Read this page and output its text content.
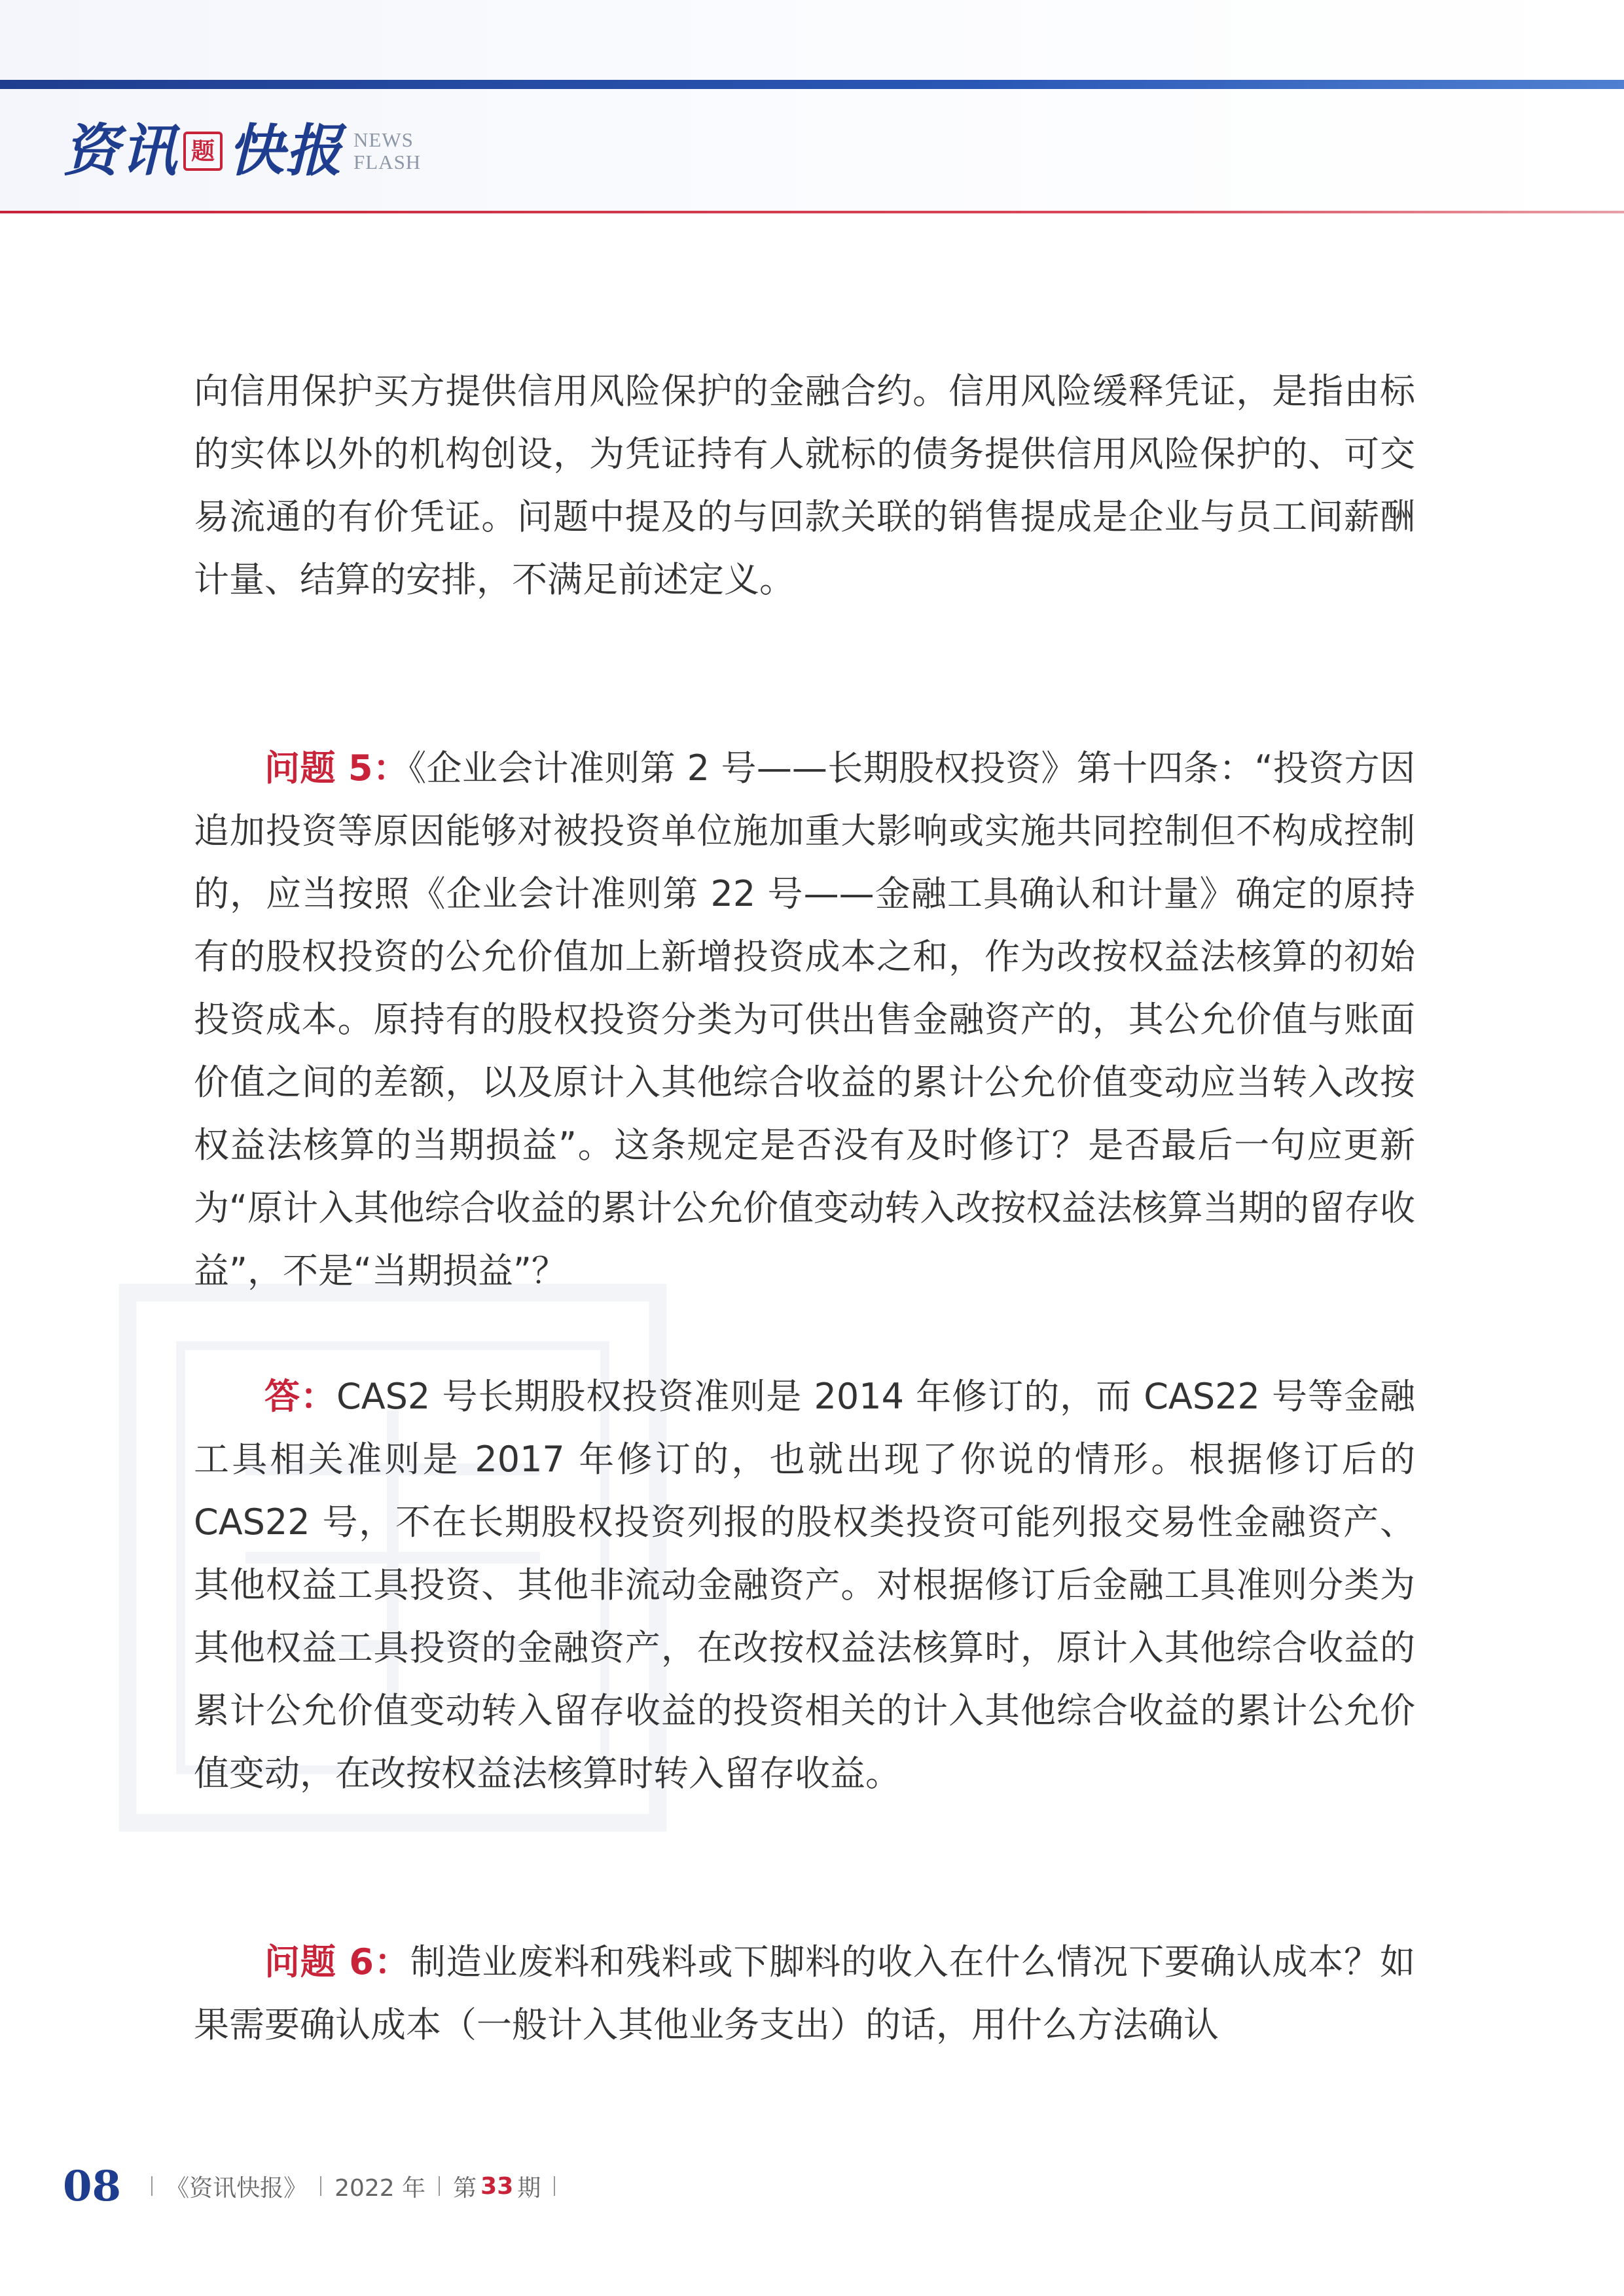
资讯 题 快报 NEWS
FLASH

向信用保护买方提供信用风险保护的金融合约。信用风险缓释凭证，是指由标的实体以外的机构创设，为凭证持有人就标的债务提供信用风险保护的、可交易流通的有价凭证。问题中提及的与回款关联的销售提成是企业与员工间薪酬计量、结算的安排，不满足前述定义。

问题 5：《企业会计准则第 2 号——长期股权投资》第十四条：“投资方因追加投资等原因能够对被投资单位施加重大影响或实施共同控制但不构成控制的，应当按照《企业会计准则第 22 号——金融工具确认和计量》确定的原持有的股权投资的公允价值加上新增投资成本之和，作为改按权益法核算的初始投资成本。原持有的股权投资分类为可供出售金融资产的，其公允价值与账面价值之间的差额，以及原计入其他综合收益的累计公允价值变动应当转入改按权益法核算的当期损益”。这条规定是否没有及时修订？是否最后一句应更新为“原计入其他综合收益的累计公允价值变动转入改按权益法核算当期的留存收益”，不是“当期损益”？

答：CAS2 号长期股权投资准则是 2014 年修订的，而 CAS22 号等金融工具相关准则是 2017 年修订的，也就出现了你说的情形。根据修订后的 CAS22 号，不在长期股权投资列报的股权类投资可能列报交易性金融资产、其他权益工具投资、其他非流动金融资产。对根据修订后金融工具准则分类为其他权益工具投资的金融资产，在改按权益法核算时，原计入其他综合收益的累计公允价值变动转入留存收益的投资相关的计入其他综合收益的累计公允价值变动，在改按权益法核算时转入留存收益。

问题 6：制造业废料和残料或下脚料的收入在什么情况下要确认成本？如果需要确认成本（一般计入其他业务支出）的话，用什么方法确认

08 《资讯快报》 2022 年 第 33 期
